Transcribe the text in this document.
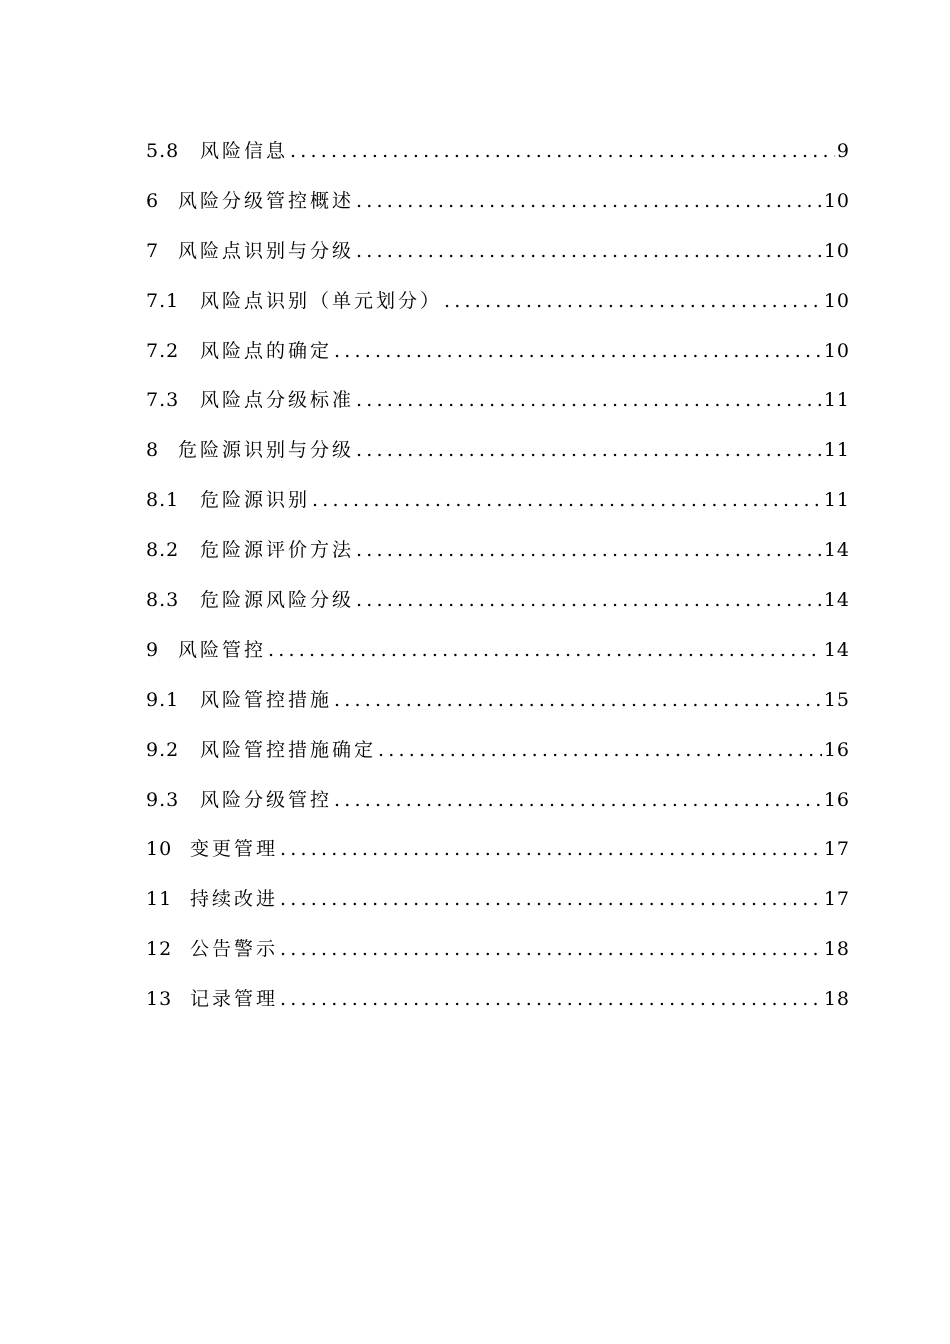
5.8	风险信息 .....	9
6 风险分级管控概述 .....	10
7 风险点识别与分级 .....	10
7.1	风险点识别（单元划分） .....	10
7.2	风险点的确定 .....	10
7.3	风险点分级标准 .....	11
8 危险源识别与分级 .....	11
8.1	危险源识别 .....	11
8.2	危险源评价方法 .....	14
8.3	危险源风险分级 .....	14
9 风险管控 .....	14
9.1	风险管控措施 .....	15
9.2	风险管控措施确定 .....	16
9.3	风险分级管控 .....	16
10 变更管理 .....	17
11 持续改进 .....	17
12 公告警示 .....	18
13 记录管理 .....	18
